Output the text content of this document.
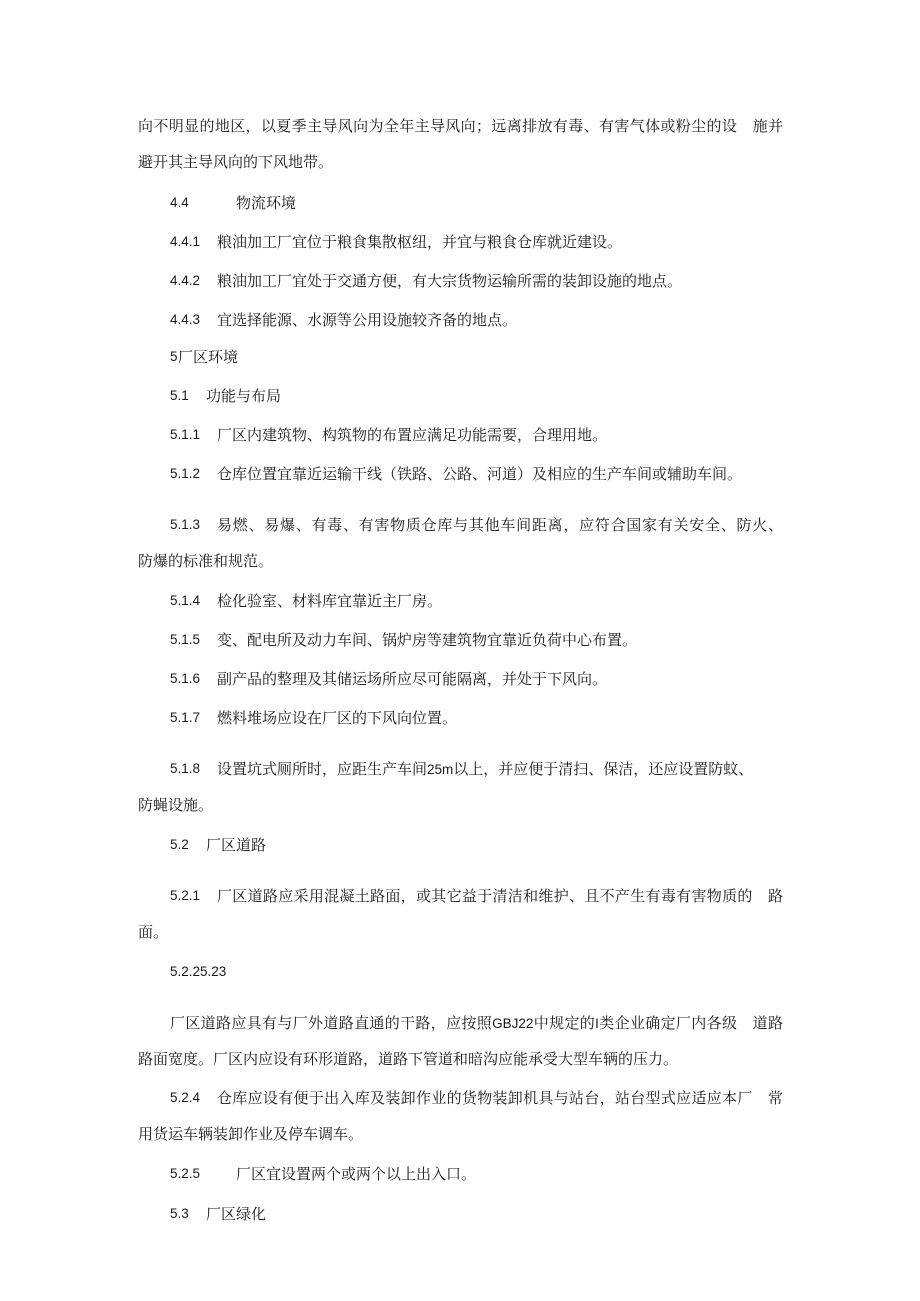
向不明显的地区，以夏季主导风向为全年主导风向；远离排放有毒、有害气体或粉尘的设　施并
避开其主导风向的下风地带。
4.4	物流环境
4.4.1 粮油加工厂宜位于粮食集散枢纽，并宜与粮食仓库就近建设。
4.4.2 粮油加工厂宜处于交通方便，有大宗货物运输所需的装卸设施的地点。
4.4.3 宜选择能源、水源等公用设施较齐备的地点。
5 厂区环境
5.1 功能与布局
5.1.1 厂区内建筑物、构筑物的布置应满足功能需要，合理用地。
5.1.2 仓库位置宜靠近运输干线（铁路、公路、河道）及相应的生产车间或辅助车间。
5.1.3 易燃、易爆、有毒、有害物质仓库与其他车间距离，应符合国家有关安全、防火、
防爆的标准和规范。
5.1.4 检化验室、材料库宜靠近主厂房。
5.1.5 变、配电所及动力车间、锅炉房等建筑物宜靠近负荷中心布置。
5.1.6 副产品的整理及其储运场所应尽可能隔离，并处于下风向。
5.1.7 燃料堆场应设在厂区的下风向位置。
5.1.8 设置坑式厕所时，应距生产车间25m以上，并应便于清扫、保洁，还应设置防蚊、
防蝇设施。
5.2 厂区道路
5.2.1 厂区道路应采用混凝土路面，或其它益于清洁和维护、且不产生有毒有害物质的　路
面。
5.2.25.23
厂区道路应具有与厂外道路直通的干路，应按照GBJ22中规定的I类企业确定厂内各级　道路
路面宽度。厂区内应设有环形道路，道路下管道和暗沟应能承受大型车辆的压力。
5.2.4 仓库应设有便于出入库及装卸作业的货物装卸机具与站台，站台型式应适应本厂　常
用货运车辆装卸作业及停车调车。
5.2.5 厂区宜设置两个或两个以上出入口。
5.3 厂区绿化
